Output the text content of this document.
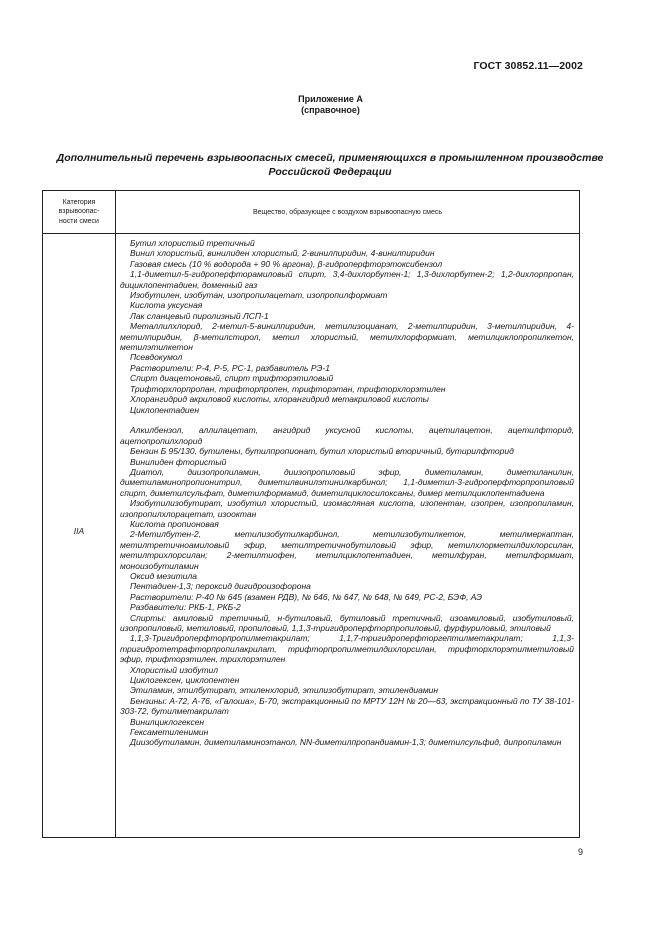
ГОСТ 30852.11—2002
Приложение А
(справочное)
Дополнительный перечень взрывоопасных смесей, применяющихся в промышленном производстве Российской Федерации
Категория
взрывоопас-
ности смеси
Вещество, образующее с воздухом взрывоопасную смесь
IIA
Бутил хлористый третичный
Винил хлористый, винилиден хлористый, 2-винилпиридин, 4-винилпиридин
Газовая смесь (10 % водорода + 90 % аргона), β-гидроперфторэтоксибензол
1,1-диметил-5-гидроперфторамиловый спирт, 3,4-дихлорбутен-1; 1,3-дихлорбутен-2; 1,2-дихлорпропан, дициклопентадиен, доменный газ
Изобутилен, изобутан, изопропилацетат, изопропилформиат
Кислота уксусная
Лак сланцевый пиролизный ЛСП-1
Металлилхлорид, 2-метил-5-винилпиридин, метилизоцианат, 2-метилпиридин, 3-метилпиридин, 4-метилпиридин, β-метилстирол, метил хлористый, метилхлорформиат, метилциклопропилкетон, метилэтилкетон
Псевдокумол
Растворители: Р-4, Р-5, РС-1, разбавитель РЭ-1
Спирт диацетоновый, спирт трифторэтиловый
Трифторхлорпропан, трифторпропен, трифторэтан, трифторхлорэтилен
Хлорангидрид акриловой кислоты, хлорангидрид метакриловой кислоты
Циклопентадиен
Алкилбензол, аллилацетат, ангидрид уксусной кислоты, ацетилацетон, ацетилфторид, ацетопропилхлорид
Бензин Б 95/130, бутилены, бутилпропионат, бутил хлористый вторичный, бутирилфторид
Винилиден фтористый
Диатол, диизопропиламин, диизопропиловый эфир, диметиламин, диметиланилин, диметиламинопропионитрил, диметилвинилэтинилкарбинол; 1,1-диметил-3-гидроперфторпропиловый спирт, диметилсульфат, диметилформамид, диметилциклосилоксаны, димер метилциклопентадиена
Изобутилизобутират, изобутил хлористый, изомасляная кислота, изопентан, изопрен, изопропиламин, изопропилхлорацетат, изооктан
Кислота пропионовая
2-Метилбутен-2, метилизобутилкарбинол, метилизобутилкетон, метилмеркаптан, метилтретичноамиловый эфир, метилтретичнобутиловый эфир, метилхлорметилдихлорсилан, метилтрихлорсилан; 2-метилтиофен, метилциклопентадиен, метилфуран, метилформиат, моноизобутиламин
Оксид мезитила
Пентадиен-1,3; пероксид дигидроизофорона
Растворители: Р-40 № 645 (взамен РДВ), № 646, № 647, № 648, № 649, РС-2, БЭФ, АЭ
Разбавители: РКБ-1, РКБ-2
Спирты: амиловый третичный, н-бутиловый, бутиловый третичный, изоамиловый, изобутиловый, изопропиловый, метиловый, пропиловый, 1,1,3-тригидроперфторпропиловый, фурфуриловый, этиловый
1,1,3-Тригидроперфторпропилметакрилат; 1,1,7-тригидроперфторгептилметакрилат; 1,1,3-тригидротетрафторпропилакрилат, трифторпропилметилдихлорсилан, трифторхлорэтилметиловый эфир, трифторэтилен, трихлорэтилен
Хлористый изобутил
Циклогексен, циклопентен
Этиламин, этилбутират, этиленхлорид, этилизобутират, этилендиамин
Бензины: А-72, А-76, «Галоша», Б-70, экстракционный по МРТУ 12Н № 20—63, экстракционный по ТУ 38-101-303-72, бутилметакрилат
Винилциклогексен
Гексаметиленимин
Диизобутиламин, диметиламиноэтанол, NN-диметилпропандиамин-1,3; диметилсульфид, дипропиламин
9
